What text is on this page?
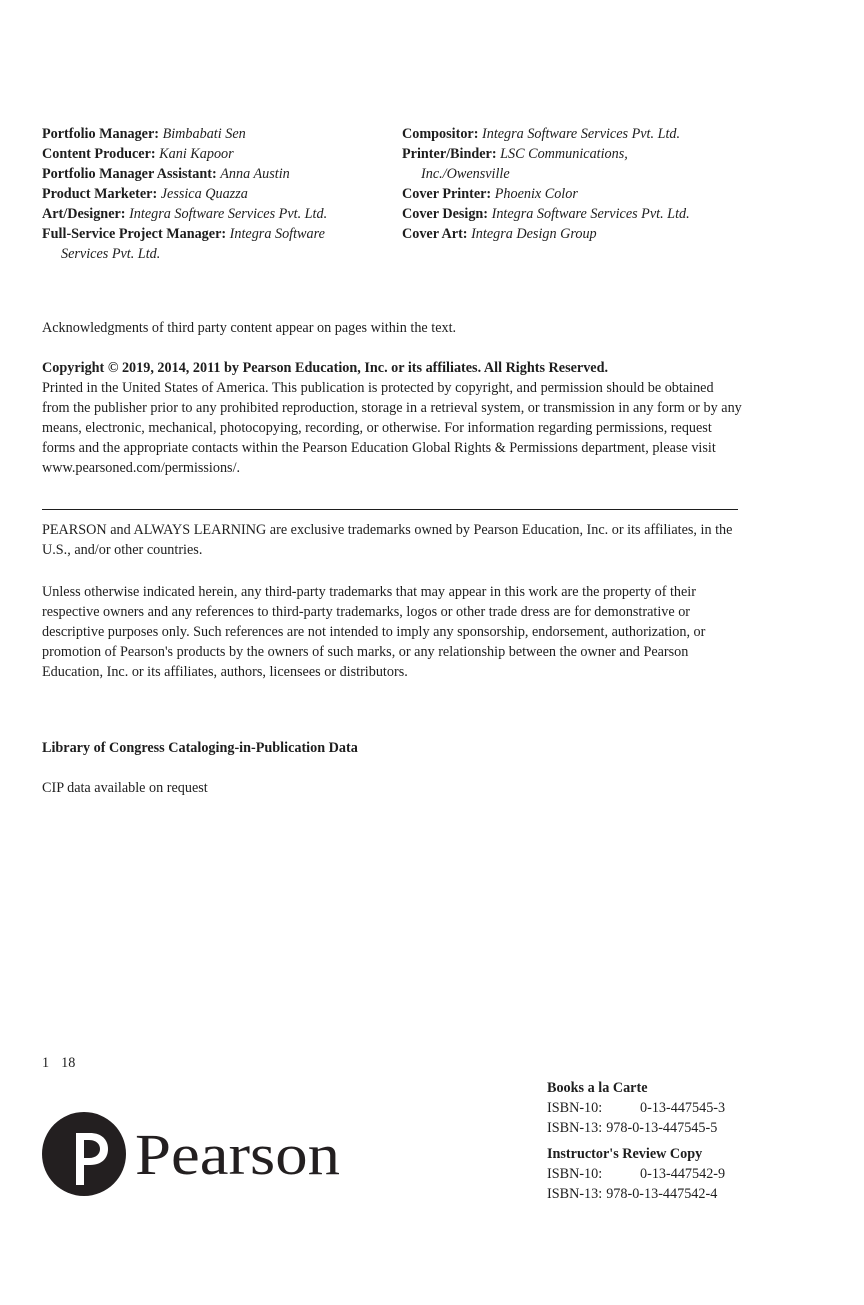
Portfolio Manager: Bimbabati Sen
Content Producer: Kani Kapoor
Portfolio Manager Assistant: Anna Austin
Product Marketer: Jessica Quazza
Art/Designer: Integra Software Services Pvt. Ltd.
Full-Service Project Manager: Integra Software Services Pvt. Ltd.
Compositor: Integra Software Services Pvt. Ltd.
Printer/Binder: LSC Communications, Inc./Owensville
Cover Printer: Phoenix Color
Cover Design: Integra Software Services Pvt. Ltd.
Cover Art: Integra Design Group
Acknowledgments of third party content appear on pages within the text.
Copyright © 2019, 2014, 2011 by Pearson Education, Inc. or its affiliates. All Rights Reserved.
Printed in the United States of America. This publication is protected by copyright, and permission should be obtained from the publisher prior to any prohibited reproduction, storage in a retrieval system, or transmission in any form or by any means, electronic, mechanical, photocopying, recording, or otherwise. For information regarding permissions, request forms and the appropriate contacts within the Pearson Education Global Rights & Permissions department, please visit www.pearsoned.com/permissions/.
PEARSON and ALWAYS LEARNING are exclusive trademarks owned by Pearson Education, Inc. or its affiliates, in the U.S., and/or other countries.
Unless otherwise indicated herein, any third-party trademarks that may appear in this work are the property of their respective owners and any references to third-party trademarks, logos or other trade dress are for demonstrative or descriptive purposes only. Such references are not intended to imply any sponsorship, endorsement, authorization, or promotion of Pearson's products by the owners of such marks, or any relationship between the owner and Pearson Education, Inc. or its affiliates, authors, licensees or distributors.
Library of Congress Cataloging-in-Publication Data
CIP data available on request
1 18
Books a la Carte
ISBN-10:	0-13-447545-3
ISBN-13: 978-0-13-447545-5
Instructor's Review Copy
ISBN-10:	0-13-447542-9
ISBN-13: 978-0-13-447542-4
Pearson
